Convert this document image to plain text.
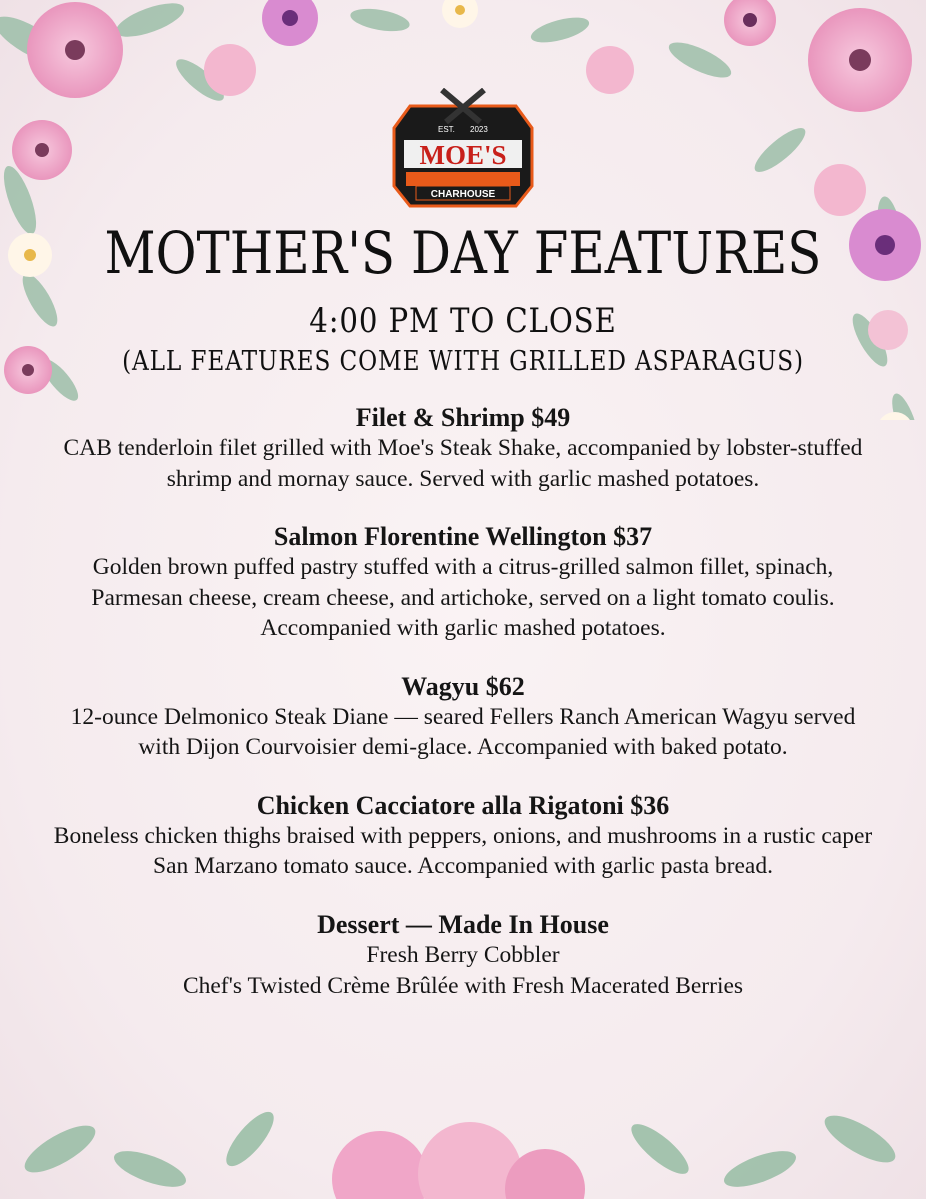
EST. 2023
MOE'S
CHARHOUSE
MOTHER'S DAY FEATURES
4:00 PM TO CLOSE
(ALL FEATURES COME WITH GRILLED ASPARAGUS)
Filet & Shrimp $49

CAB tenderloin filet grilled with Moe's Steak Shake, accompanied by lobster-stuffed shrimp and mornay sauce. Served with garlic mashed potatoes.

Salmon Florentine Wellington $37

Golden brown puffed pastry stuffed with a citrus-grilled salmon fillet, spinach, Parmesan cheese, cream cheese, and artichoke, served on a light tomato coulis. Accompanied with garlic mashed potatoes.

Wagyu $62

12-ounce Delmonico Steak Diane — seared Fellers Ranch American Wagyu served with Dijon Courvoisier demi-glace. Accompanied with baked potato.

Chicken Cacciatore alla Rigatoni $36

Boneless chicken thighs braised with peppers, onions, and mushrooms in a rustic caper San Marzano tomato sauce. Accompanied with garlic pasta bread.

Dessert — Made In House

Fresh Berry Cobbler

Chef's Twisted Crème Brûlée with Fresh Macerated Berries
